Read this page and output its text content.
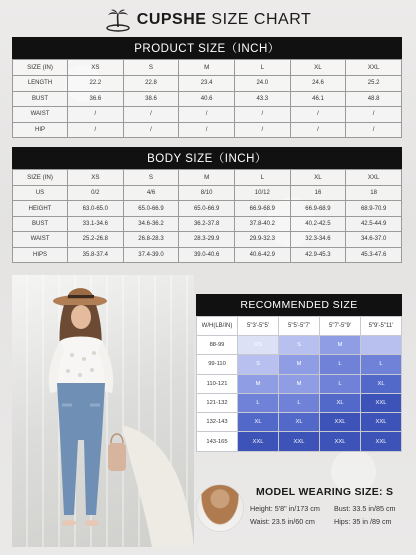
CUPSHE SIZE CHART
PRODUCT SIZE（INCH）
SIZE (IN)	XS	S	M	L	XL	XXL
LENGTH	22.2	22.8	23.4	24.0	24.6	25.2
BUST	36.6	38.6	40.6	43.3	46.1	48.8
WAIST	/	/	/	/	/	/
HIP	/	/	/	/	/	/
BODY SIZE（INCH）
SIZE (IN)	XS	S	M	L	XL	XXL
US	0/2	4/6	8/10	10/12	16	18
HEIGHT	63.0-65.0	65.0-66.9	65.0-66.9	66.9-68.9	66.9-68.9	68.9-70.9
BUST	33.1-34.6	34.6-36.2	36.2-37.8	37.8-40.2	40.2-42.5	42.5-44.9
WAIST	25.2-26.8	26.8-28.3	28.3-29.9	29.9-32.3	32.3-34.6	34.6-37.0
HIPS	35.8-37.4	37.4-39.0	39.0-40.6	40.6-42.9	42.9-45.3	45.3-47.6
RECOMMENDED SIZE
W/H(LB/IN)	5"3'-5"5'	5"5'-5"7'	5"7'-5"9'	5"9'-5"11'
88-99	XS	S	M	
99-110	S	M	L	L
110-121	M	M	L	XL
121-132	L	L	XL	XXL
132-143	XL	XL	XXL	XXL
143-165	XXL	XXL	XXL	XXL
MODEL WEARING SIZE: S
Height: 5'8" in/173 cm Bust: 33.5 in/85 cm
Waist: 23.5 in/60 cm	Hips: 35 in /89 cm
